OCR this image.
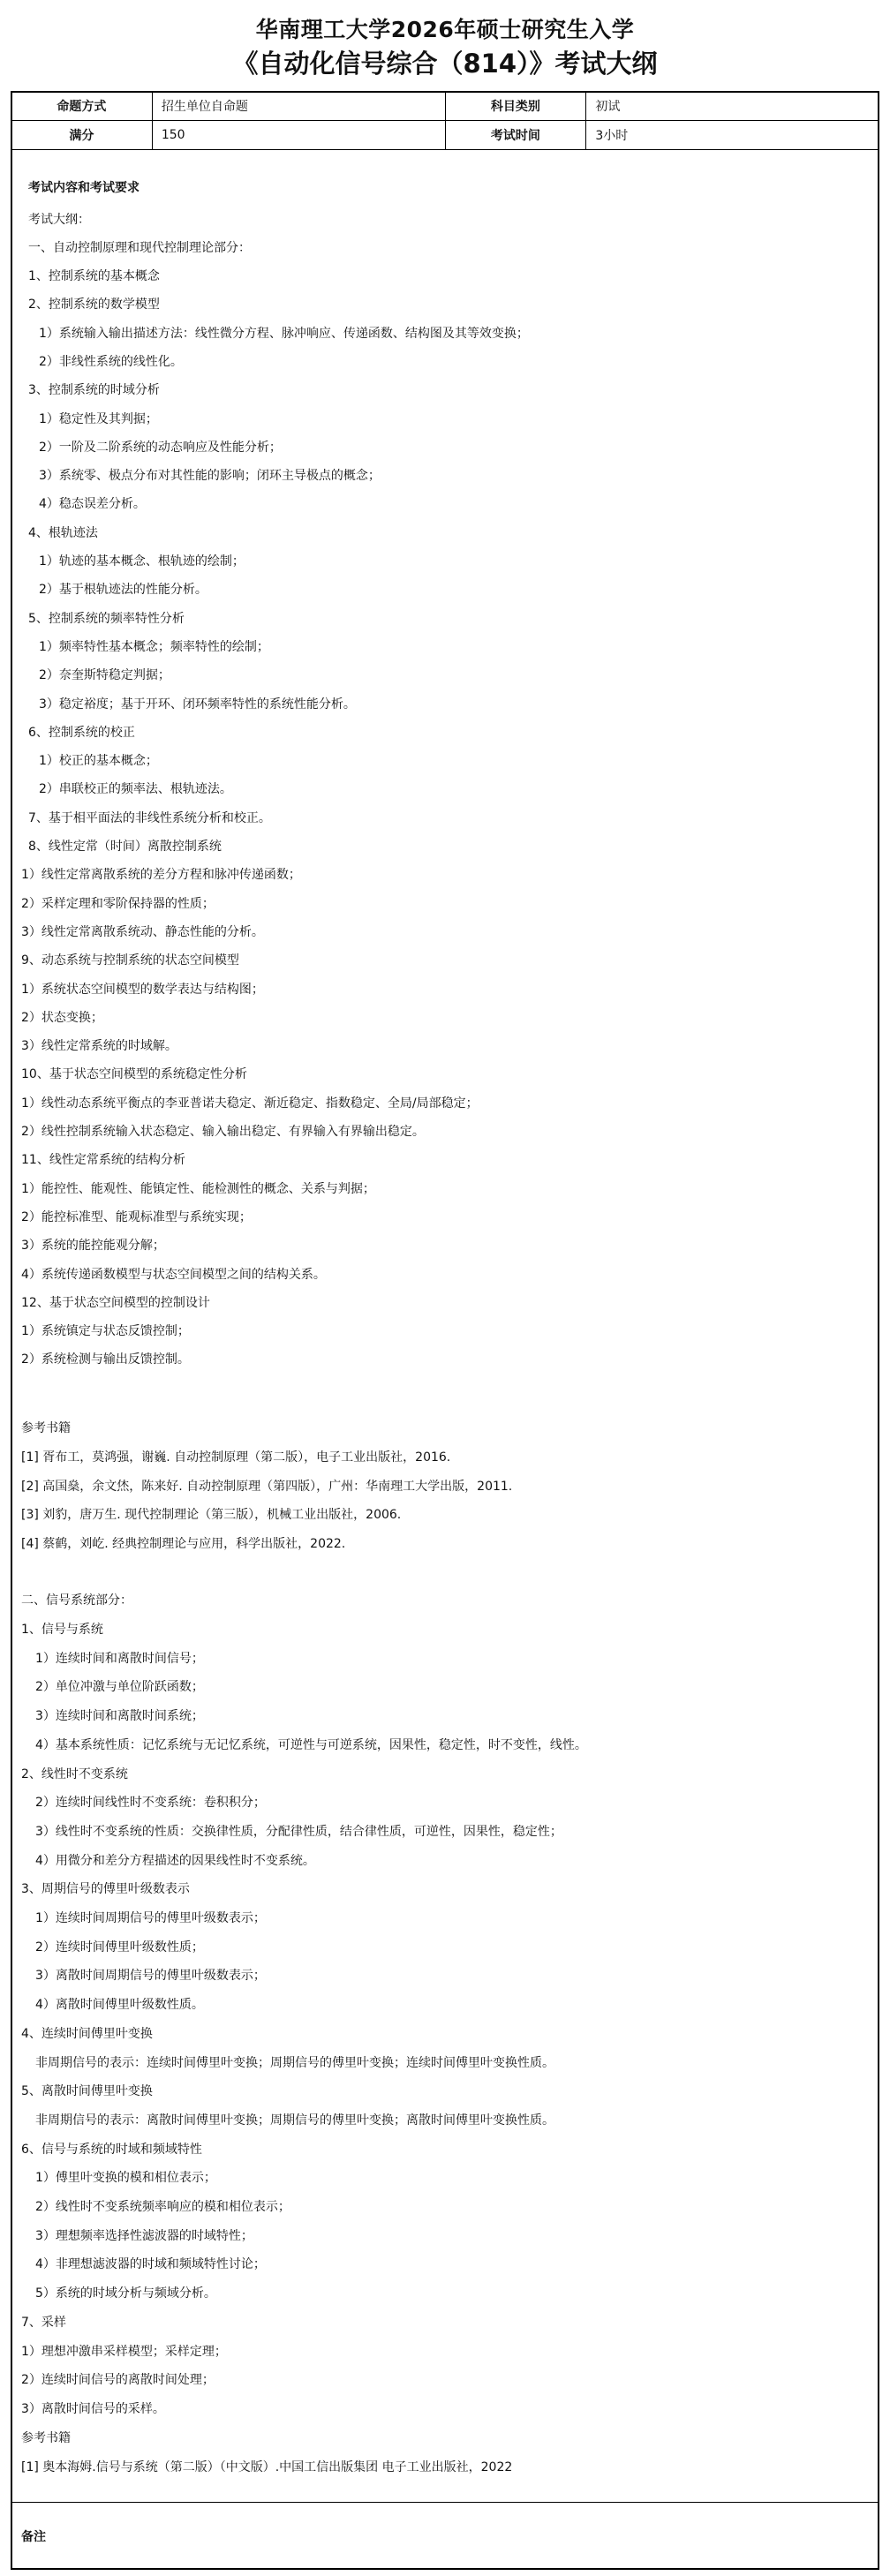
华南理工大学2026年硕士研究生入学
《自动化信号综合（814）》考试大纲
命题方式	招生单位自命题	科目类别	初试
满分	150	考试时间	3小时
考试内容和考试要求
考试大纲：
一、自动控制原理和现代控制理论部分：
1、控制系统的基本概念
2、控制系统的数学模型
1）系统输入输出描述方法：线性微分方程、脉冲响应、传递函数、结构图及其等效变换；
2）非线性系统的线性化。
3、控制系统的时域分析
1）稳定性及其判据；
2）一阶及二阶系统的动态响应及性能分析；
3）系统零、极点分布对其性能的影响；闭环主导极点的概念；
4）稳态误差分析。
4、根轨迹法
1）轨迹的基本概念、根轨迹的绘制；
2）基于根轨迹法的性能分析。
5、控制系统的频率特性分析
1）频率特性基本概念；频率特性的绘制；
2）奈奎斯特稳定判据；
3）稳定裕度；基于开环、闭环频率特性的系统性能分析。
6、控制系统的校正
1）校正的基本概念；
2）串联校正的频率法、根轨迹法。
7、基于相平面法的非线性系统分析和校正。
8、线性定常（时间）离散控制系统
1）线性定常离散系统的差分方程和脉冲传递函数；
2）采样定理和零阶保持器的性质；
3）线性定常离散系统动、静态性能的分析。
9、动态系统与控制系统的状态空间模型
1）系统状态空间模型的数学表达与结构图；
2）状态变换；
3）线性定常系统的时域解。
10、基于状态空间模型的系统稳定性分析
1）线性动态系统平衡点的李亚普诺夫稳定、渐近稳定、指数稳定、全局/局部稳定；
2）线性控制系统输入状态稳定、输入输出稳定、有界输入有界输出稳定。
11、线性定常系统的结构分析
1）能控性、能观性、能镇定性、能检测性的概念、关系与判据；
2）能控标准型、能观标准型与系统实现；
3）系统的能控能观分解；
4）系统传递函数模型与状态空间模型之间的结构关系。
12、基于状态空间模型的控制设计
1）系统镇定与状态反馈控制；
2）系统检测与输出反馈控制。
参考书籍
[1] 胥布工，莫鸿强，谢巍. 自动控制原理（第二版），电子工业出版社，2016.
[2] 高国燊，余文烋，陈来好. 自动控制原理（第四版），广州：华南理工大学出版，2011.
[3] 刘豹，唐万生. 现代控制理论（第三版），机械工业出版社，2006.
[4] 蔡鹤，刘屹. 经典控制理论与应用，科学出版社，2022.
二、信号系统部分：
1、信号与系统
1）连续时间和离散时间信号；
2）单位冲激与单位阶跃函数；
3）连续时间和离散时间系统；
4）基本系统性质：记忆系统与无记忆系统，可逆性与可逆系统，因果性，稳定性，时不变性，线性。
2、线性时不变系统
2）连续时间线性时不变系统：卷积积分；
3）线性时不变系统的性质：交换律性质，分配律性质，结合律性质，可逆性，因果性，稳定性；
4）用微分和差分方程描述的因果线性时不变系统。
3、周期信号的傅里叶级数表示
1）连续时间周期信号的傅里叶级数表示；
2）连续时间傅里叶级数性质；
3）离散时间周期信号的傅里叶级数表示；
4）离散时间傅里叶级数性质。
4、连续时间傅里叶变换
非周期信号的表示：连续时间傅里叶变换；周期信号的傅里叶变换；连续时间傅里叶变换性质。
5、离散时间傅里叶变换
非周期信号的表示：离散时间傅里叶变换；周期信号的傅里叶变换；离散时间傅里叶变换性质。
6、信号与系统的时域和频域特性
1）傅里叶变换的模和相位表示；
2）线性时不变系统频率响应的模和相位表示；
3）理想频率选择性滤波器的时域特性；
4）非理想滤波器的时域和频域特性讨论；
5）系统的时域分析与频域分析。
7、采样
1）理想冲激串采样模型；采样定理；
2）连续时间信号的离散时间处理；
3）离散时间信号的采样。
参考书籍
[1] 奥本海姆.信号与系统（第二版）（中文版）.中国工信出版集团 电子工业出版社，2022
备注
